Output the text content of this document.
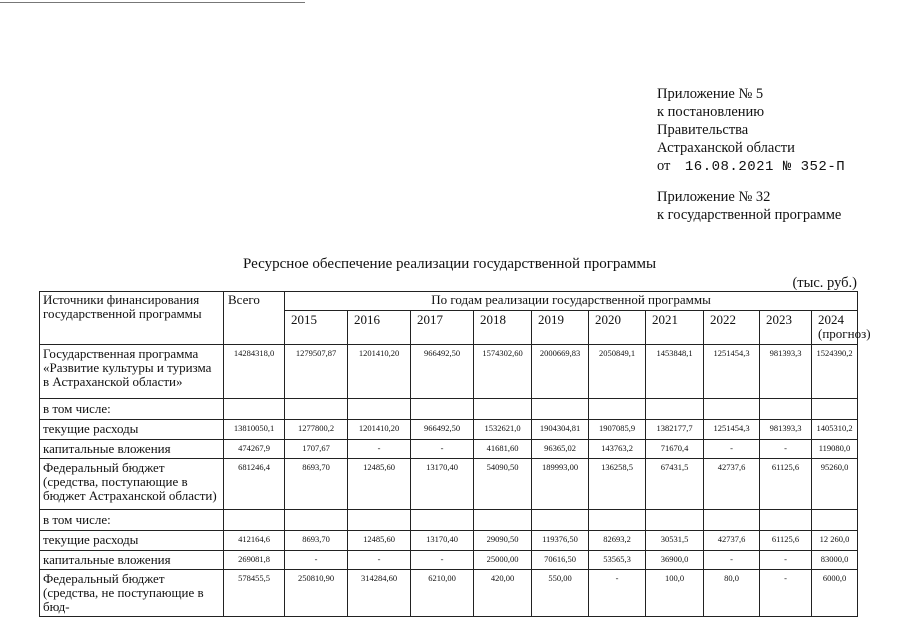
Приложение № 5
к постановлению
Правительства
Астраханской области
от 16.08.2021 № 352-П
Приложение № 32
к государственной программе
Ресурсное обеспечение реализации государственной программы
(тыс. руб.)
Источники финансирования государственной программы	Всего	По годам реализации государственной программы									
		2015	2016	2017	2018	2019	2020	2021	2022	2023	2024 (прогноз)
Государственная программа «Развитие культуры и туризма в Астраханской области»	14284318,0	1279507,87	1201410,20	966492,50	1574302,60	2000669,83	2050849,1	1453848,1	1251454,3	981393,3	1524390,2
в том числе:											
текущие расходы	13810050,1	1277800,2	1201410,20	966492,50	1532621,0	1904304,81	1907085,9	1382177,7	1251454,3	981393,3	1405310,2
капитальные вложения	474267,9	1707,67	-	-	41681,60	96365,02	143763,2	71670,4	-	-	119080,0
Федеральный бюджет (средства, поступающие в бюджет Астраханской области)	681246,4	8693,70	12485,60	13170,40	54090,50	189993,00	136258,5	67431,5	42737,6	61125,6	95260,0
в том числе:											
текущие расходы	412164,6	8693,70	12485,60	13170,40	29090,50	119376,50	82693,2	30531,5	42737,6	61125,6	12 260,0
капитальные вложения	269081,8	-	-	-	25000,00	70616,50	53565,3	36900,0	-	-	83000,0
Федеральный бюджет (средства, не поступающие в бюд-	578455,5	250810,90	314284,60	6210,00	420,00	550,00	-	100,0	80,0	-	6000,0
